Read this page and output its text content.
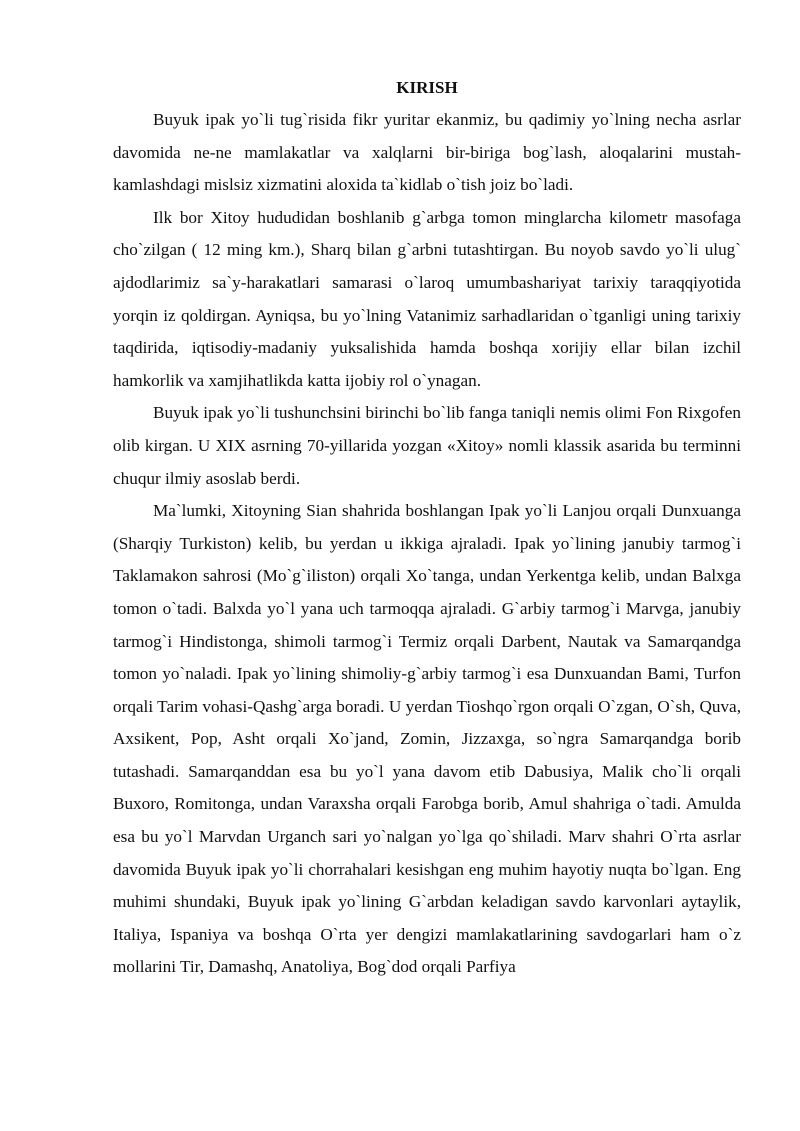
KIRISH

Buyuk ipak yo`li tug`risida fikr yuritar ekanmiz, bu qadimiy yo`lning necha asrlar davomida ne-ne mamlakatlar va xalqlarni bir-biriga bog`lash, aloqalarini mustah-kamlashdagi mislsiz xizmatini aloxida ta`kidlab o`tish joiz bo`ladi.

Ilk bor Xitoy hududidan boshlanib g`arbga tomon minglarcha kilometr masofaga cho`zilgan ( 12 ming km.), Sharq bilan g`arbni tutashtirgan. Bu noyob savdo yo`li ulug` ajdodlarimiz sa`y-harakatlari samarasi o`laroq umumbashariyat tarixiy taraqqiyotida yorqin iz qoldirgan. Ayniqsa, bu yo`lning Vatanimiz sarhadlaridan o`tganligi uning tarixiy taqdirida, iqtisodiy-madaniy yuksalishida hamda boshqa xorijiy ellar bilan izchil hamkorlik va xamjihatlikda katta ijobiy rol o`ynagan.

Buyuk ipak yo`li tushunchsini birinchi bo`lib fanga taniqli nemis olimi Fon Rixgofen olib kirgan. U XIX asrning 70-yillarida yozgan «Xitoy» nomli klassik asarida bu terminni chuqur ilmiy asoslab berdi.

Ma`lumki, Xitoyning Sian shahrida boshlangan Ipak yo`li Lanjou orqali Dunxuanga (Sharqiy Turkiston) kelib, bu yerdan u ikkiga ajraladi. Ipak yo`lining janubiy tarmog`i Taklamakon sahrosi (Mo`g`iliston) orqali Xo`tanga, undan Yerkentga kelib, undan Balxga tomon o`tadi. Balxda yo`l yana uch tarmoqqa ajraladi. G`arbiy tarmog`i Marvga, janubiy tarmog`i Hindistonga, shimoli tarmog`i Termiz orqali Darbent, Nautak va Samarqandga tomon yo`naladi. Ipak yo`lining shimoliy-g`arbiy tarmog`i esa Dunxuandan Bami, Turfon orqali Tarim vohasi-Qashg`arga boradi. U yerdan Tioshqo`rgon orqali O`zgan, O`sh, Quva, Axsikent, Pop, Asht orqali Xo`jand, Zomin, Jizzaxga, so`ngra Samarqandga borib tutashadi. Samarqanddan esa bu yo`l yana davom etib Dabusiya, Malik cho`li orqali Buxoro, Romitonga, undan Varaxsha orqali Farobga borib, Amul shahriga o`tadi. Amulda esa bu yo`l Marvdan Urganch sari yo`nalgan yo`lga qo`shiladi. Marv shahri O`rta asrlar davomida Buyuk ipak yo`li chorrahalari kesishgan eng muhim hayotiy nuqta bo`lgan. Eng muhimi shundaki, Buyuk ipak yo`lining G`arbdan keladigan savdo karvonlari aytaylik, Italiya, Ispaniya va boshqa O`rta yer dengizi mamlakatlarining savdogarlari ham o`z mollarini Tir, Damashq, Anatoliya, Bog`dod orqali Parfiya
